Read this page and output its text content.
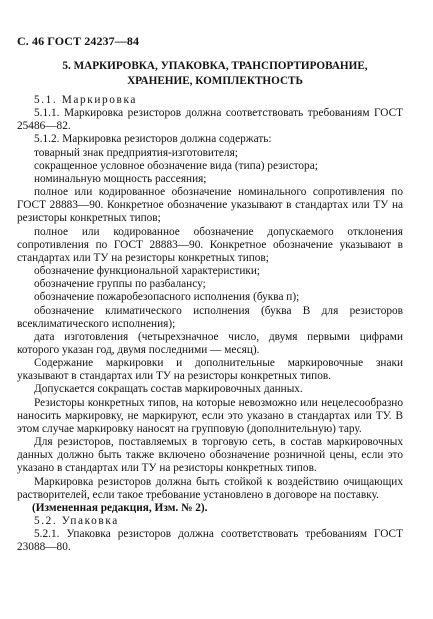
С. 46 ГОСТ 24237—84
5. МАРКИРОВКА, УПАКОВКА, ТРАНСПОРТИРОВАНИЕ,
ХРАНЕНИЕ, КОМПЛЕКТНОСТЬ

5.1. Маркировка

5.1.1. Маркировка резисторов должна соответствовать требованиям ГОСТ 25486—82.

5.1.2. Маркировка резисторов должна содержать:

товарный знак предприятия-изготовителя;

сокращенное условное обозначение вида (типа) резистора;

номинальную мощность рассеяния;

полное или кодированное обозначение номинального сопротивления по ГОСТ 28883—90. Конкретное обозначение указывают в стандартах или ТУ на резисторы конкретных типов;

полное или кодированное обозначение допускаемого отклонения сопротивления по ГОСТ 28883—90. Конкретное обозначение указывают в стандартах или ТУ на резисторы конкретных типов;

обозначение функциональной характеристики;

обозначение группы по разбалансу;

обозначение пожаробезопасного исполнения (буква п);

обозначение климатического исполнения (буква В для резисторов всеклиматического исполнения);

дата изготовления (четырехзначное число, двумя первыми цифрами которого указан год, двумя последними — месяц).

Содержание маркировки и дополнительные маркировочные знаки указывают в стандартах или ТУ на резисторы конкретных типов.

Допускается сокращать состав маркировочных данных.

Резисторы конкретных типов, на которые невозможно или нецелесообразно наносить маркировку, не маркируют, если это указано в стандартах или ТУ. В этом случае маркировку наносят на групповую (дополнительную) тару.

Для резисторов, поставляемых в торговую сеть, в состав маркировочных данных должно быть также включено обозначение розничной цены, если это указано в стандартах или ТУ на резисторы конкретных типов.

Маркировка резисторов должна быть стойкой к воздействию очищающих растворителей, если такое требование установлено в договоре на поставку.

(Измененная редакция, Изм. № 2).

5.2. Упаковка

5.2.1. Упаковка резисторов должна соответствовать требованиям ГОСТ 23088—80.
